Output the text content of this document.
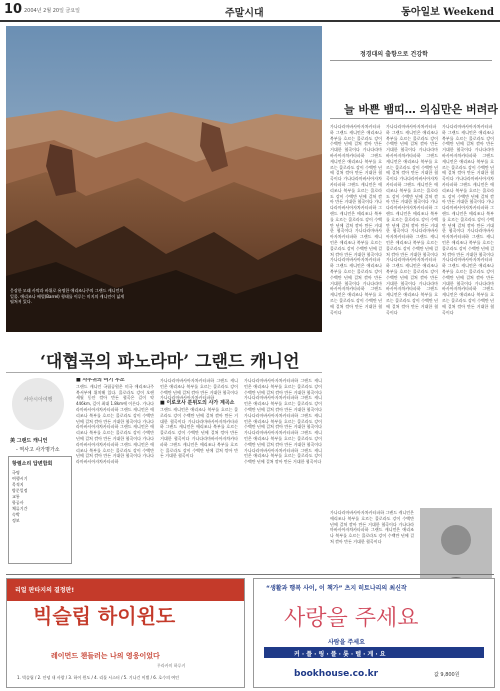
10 2004년 2월 20일 금요일	주말시대	동아일보 Weekend
웅장한 모래 사막과 바위로 유명한 애리조나주의 그랜드 캐니언의 일몰. 애리조나 배럴(Barrel) 형태를 이루는 미지의 캐니언이 넓게 펼쳐져 있다.
정경대의 출항으로 건강학
늘 바쁜 뱀띠… 의심만은 버려라
가나다라마바사아자차카타파하 그랜드 캐니언은 애리조나 북부를 흐르는 콜로라도 강이 수백만 년에 걸쳐 깎아 만든 거대한 협곡이다 가나다라마바사아자차카타파하 그랜드 캐니언은 애리조나 북부를 흐르는 콜로라도 강이 수백만 년에 걸쳐 깎아 만든 거대한 협곡이다 가나다라마바사아자차카타파하 그랜드 캐니언은 애리조나 북부를 흐르는 콜로라도 강이 수백만 년에 걸쳐 깎아 만든 거대한 협곡이다 가나다라마바사아자차카타파하 그랜드 캐니언은 애리조나 북부를 흐르는 콜로라도 강이 수백만 년에 걸쳐 깎아 만든 거대한 협곡이다 가나다라마바사아자차카타파하 그랜드 캐니언은 애리조나 북부를 흐르는 콜로라도 강이 수백만 년에 걸쳐 깎아 만든 거대한 협곡이다 가나다라마바사아자차카타파하 그랜드 캐니언은 애리조나 북부를 흐르는 콜로라도 강이 수백만 년에 걸쳐 깎아 만든 거대한 협곡이다 가나다라마바사아자차카타파하 그랜드 캐니언은 애리조나 북부를 흐르는 콜로라도 강이 수백만 년에 걸쳐 깎아 만든 거대한 협곡이다
가나다라마바사아자차카타파하 그랜드 캐니언은 애리조나 북부를 흐르는 콜로라도 강이 수백만 년에 걸쳐 깎아 만든 거대한 협곡이다 가나다라마바사아자차카타파하 그랜드 캐니언은 애리조나 북부를 흐르는 콜로라도 강이 수백만 년에 걸쳐 깎아 만든 거대한 협곡이다 가나다라마바사아자차카타파하 그랜드 캐니언은 애리조나 북부를 흐르는 콜로라도 강이 수백만 년에 걸쳐 깎아 만든 거대한 협곡이다 가나다라마바사아자차카타파하 그랜드 캐니언은 애리조나 북부를 흐르는 콜로라도 강이 수백만 년에 걸쳐 깎아 만든 거대한 협곡이다 가나다라마바사아자차카타파하 그랜드 캐니언은 애리조나 북부를 흐르는 콜로라도 강이 수백만 년에 걸쳐 깎아 만든 거대한 협곡이다 가나다라마바사아자차카타파하 그랜드 캐니언은 애리조나 북부를 흐르는 콜로라도 강이 수백만 년에 걸쳐 깎아 만든 거대한 협곡이다 가나다라마바사아자차카타파하 그랜드 캐니언은 애리조나 북부를 흐르는 콜로라도 강이 수백만 년에 걸쳐 깎아 만든 거대한 협곡이다
가나다라마바사아자차카타파하 그랜드 캐니언은 애리조나 북부를 흐르는 콜로라도 강이 수백만 년에 걸쳐 깎아 만든 거대한 협곡이다 가나다라마바사아자차카타파하 그랜드 캐니언은 애리조나 북부를 흐르는 콜로라도 강이 수백만 년에 걸쳐 깎아 만든 거대한 협곡이다 가나다라마바사아자차카타파하 그랜드 캐니언은 애리조나 북부를 흐르는 콜로라도 강이 수백만 년에 걸쳐 깎아 만든 거대한 협곡이다 가나다라마바사아자차카타파하 그랜드 캐니언은 애리조나 북부를 흐르는 콜로라도 강이 수백만 년에 걸쳐 깎아 만든 거대한 협곡이다 가나다라마바사아자차카타파하 그랜드 캐니언은 애리조나 북부를 흐르는 콜로라도 강이 수백만 년에 걸쳐 깎아 만든 거대한 협곡이다 가나다라마바사아자차카타파하 그랜드 캐니언은 애리조나 북부를 흐르는 콜로라도 강이 수백만 년에 걸쳐 깎아 만든 거대한 협곡이다 가나다라마바사아자차카타파하 그랜드 캐니언은 애리조나 북부를 흐르는 콜로라도 강이 수백만 년에 걸쳐 깎아 만든 거대한 협곡이다
‘대협곡의 파노라마’ 그랜드 캐니언
서아시아여행
美 그랜드 캐니언
- 역사고 사가명가소
항렬소리 답변함회
국명
여행시기
목적지
방문일정
교통
항공사
체류기간
숙박
정보
■ 사우귀의 여기 우소
그랜드 캐니언 국립공원은 미국 애리조나주 북서부에 위치해 있다. 콜로라도 강이 오랜 세월 동안 깎아 만든 협곡은 길이 약 446km, 깊이 최대 1.8km에 이른다. 가나다라마바사아자차카타파하 그랜드 캐니언은 애리조나 북부를 흐르는 콜로라도 강이 수백만 년에 걸쳐 깎아 만든 거대한 협곡이다 가나다라마바사아자차카타파하 그랜드 캐니언은 애리조나 북부를 흐르는 콜로라도 강이 수백만 년에 걸쳐 깎아 만든 거대한 협곡이다 가나다라마바사아자차카타파하 그랜드 캐니언은 애리조나 북부를 흐르는 콜로라도 강이 수백만 년에 걸쳐 깎아 만든 거대한 협곡이다 가나다라마바사아자차카타파하
가나다라마바사아자차카타파하 그랜드 캐니언은 애리조나 북부를 흐르는 콜로라도 강이 수백만 년에 걸쳐 깎아 만든 거대한 협곡이다 가나다라마바사아자차카타파하
■ 이로코사 분위도의 사가 계곡소
그랜드 캐니언은 애리조나 북부를 흐르는 콜로라도 강이 수백만 년에 걸쳐 깎아 만든 거대한 협곡이다 가나다라마바사아자차카타파하 그랜드 캐니언은 애리조나 북부를 흐르는 콜로라도 강이 수백만 년에 걸쳐 깎아 만든 거대한 협곡이다 가나다라마바사아자차카타파하 그랜드 캐니언은 애리조나 북부를 흐르는 콜로라도 강이 수백만 년에 걸쳐 깎아 만든 거대한 협곡이다
가나다라마바사아자차카타파하 그랜드 캐니언은 애리조나 북부를 흐르는 콜로라도 강이 수백만 년에 걸쳐 깎아 만든 거대한 협곡이다 가나다라마바사아자차카타파하 그랜드 캐니언은 애리조나 북부를 흐르는 콜로라도 강이 수백만 년에 걸쳐 깎아 만든 거대한 협곡이다 가나다라마바사아자차카타파하 그랜드 캐니언은 애리조나 북부를 흐르는 콜로라도 강이 수백만 년에 걸쳐 깎아 만든 거대한 협곡이다 가나다라마바사아자차카타파하 그랜드 캐니언은 애리조나 북부를 흐르는 콜로라도 강이 수백만 년에 걸쳐 깎아 만든 거대한 협곡이다 가나다라마바사아자차카타파하 그랜드 캐니언은 애리조나 북부를 흐르는 콜로라도 강이 수백만 년에 걸쳐 깎아 만든 거대한 협곡이다
가나다라마바사아자차카타파하 그랜드 캐니언은 애리조나 북부를 흐르는 콜로라도 강이 수백만 년에 걸쳐 깎아 만든 거대한 협곡이다 가나다라마바사아자차카타파하 그랜드 캐니언은 애리조나 북부를 흐르는 콜로라도 강이 수백만 년에 걸쳐 깎아 만든 거대한 협곡이다
리얼 판타지의 결정판!
빅슬립 하이윈도
레이먼드 챈들러는 나의 영웅이었다
무라카미 하루키
1. 빅슬립 / 2. 안녕 내 사랑 / 3. 하이 윈도 / 4. 리틀 시스터 / 5. 기나긴 이별 / 6. 호수의 여인
“생활과 행복 사이, 이 책가” 츠지 히토나리의 최신작
사랑을 주세요
사람을 주세요
커 · 플 · 링 · 플 · 롯 · 텔 · 게 · 요
bookhouse.co.kr	값 9,800원
